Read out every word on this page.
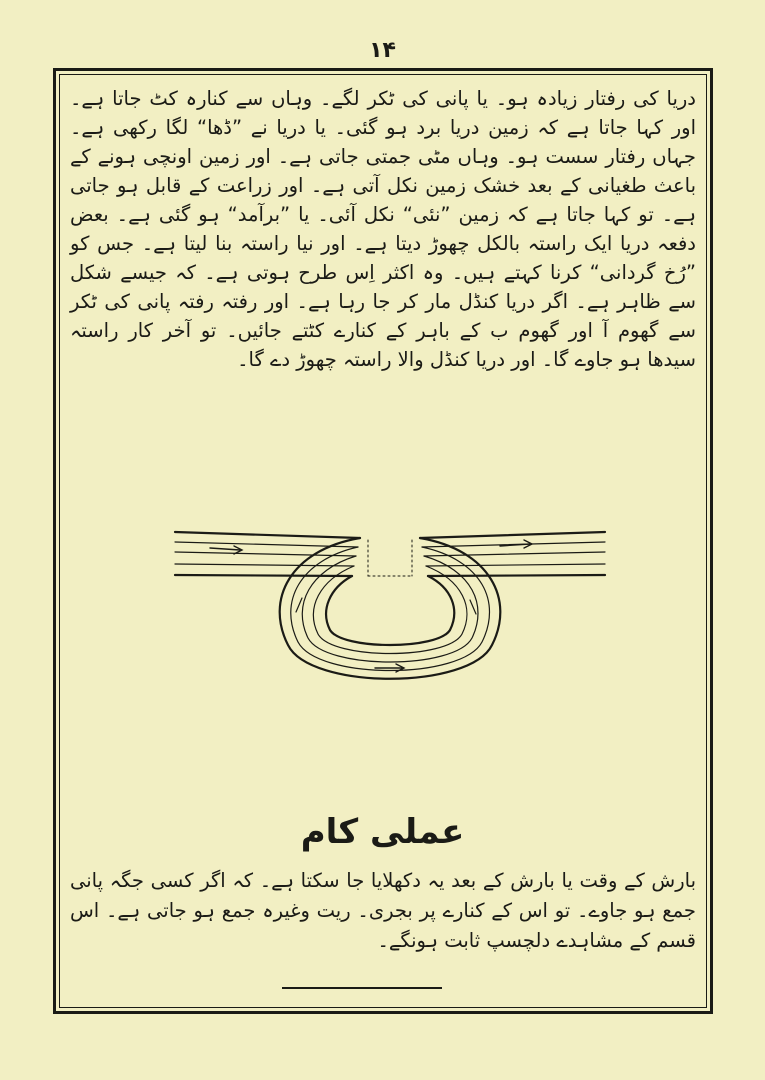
۱۴

دریا کی رفتار زیادہ ہو۔ یا پانی کی ٹکر لگے۔ وہاں سے کنارہ کٹ جاتا ہے۔ اور کہا جاتا ہے کہ زمین دریا برد ہو گئی۔ یا دریا نے ”ڈھا“ لگا رکھی ہے۔ جہاں رفتار سست ہو۔ وہاں مٹی جمتی جاتی ہے۔ اور زمین اونچی ہونے کے باعث طغیانی کے بعد خشک زمین نکل آتی ہے۔ اور زراعت کے قابل ہو جاتی ہے۔ تو کہا جاتا ہے کہ زمین ”نئی“ نکل آئی۔ یا ”برآمد“ ہو گئی ہے۔ بعض دفعہ دریا ایک راستہ بالکل چھوڑ دیتا ہے۔ اور نیا راستہ بنا لیتا ہے۔ جس کو ”رُخ گردانی“ کرنا کہتے ہیں۔ وہ اکثر اِس طرح ہوتی ہے۔ کہ جیسے شکل سے ظاہر ہے۔ اگر دریا کنڈل مار کر جا رہا ہے۔ اور رفتہ رفتہ پانی کی ٹکر سے گھوم آ اور گھوم ب کے باہر کے کنارے کٹتے جائیں۔ تو آخر کار راستہ سیدھا ہو جاوے گا۔ اور دریا کنڈل والا راستہ چھوڑ دے گا۔

عملی کام

بارش کے وقت یا بارش کے بعد یہ دکھلایا جا سکتا ہے۔ کہ اگر کسی جگہ پانی جمع ہو جاوے۔ تو اس کے کنارے پر بجری۔ ریت وغیرہ جمع ہو جاتی ہے۔ اس قسم کے مشاہدے دلچسپ ثابت ہونگے۔
